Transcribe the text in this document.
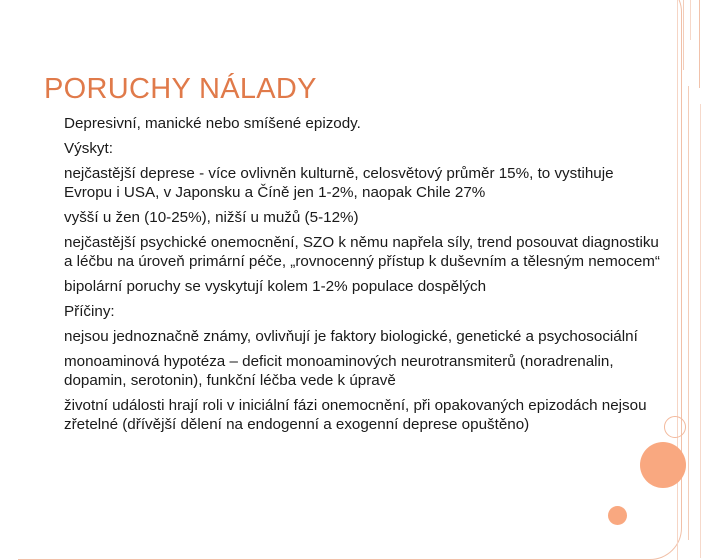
PORUCHY NÁLADY

Depresivní, manické nebo smíšené epizody.

Výskyt:

nejčastější deprese - více ovlivněn kulturně, celosvětový průměr 15%, to vystihuje Evropu i USA, v Japonsku a Číně jen 1-2%, naopak Chile 27%

vyšší u žen (10-25%), nižší u mužů (5-12%)

nejčastější psychické onemocnění, SZO k němu napřela síly, trend posouvat diagnostiku a léčbu na úroveň primární péče, „rovnocenný přístup k duševním a tělesným nemocem“

bipolární poruchy se vyskytují kolem 1-2% populace dospělých

Příčiny:

nejsou jednoznačně známy, ovlivňují je faktory biologické, genetické a psychosociální

monoaminová hypotéza – deficit monoaminových neurotransmiterů (noradrenalin, dopamin, serotonin), funkční léčba vede k úpravě

životní události hrají roli v iniciální fázi onemocnění, při opakovaných epizodách nejsou zřetelné (dřívější dělení na endogenní a exogenní deprese opuštěno)
